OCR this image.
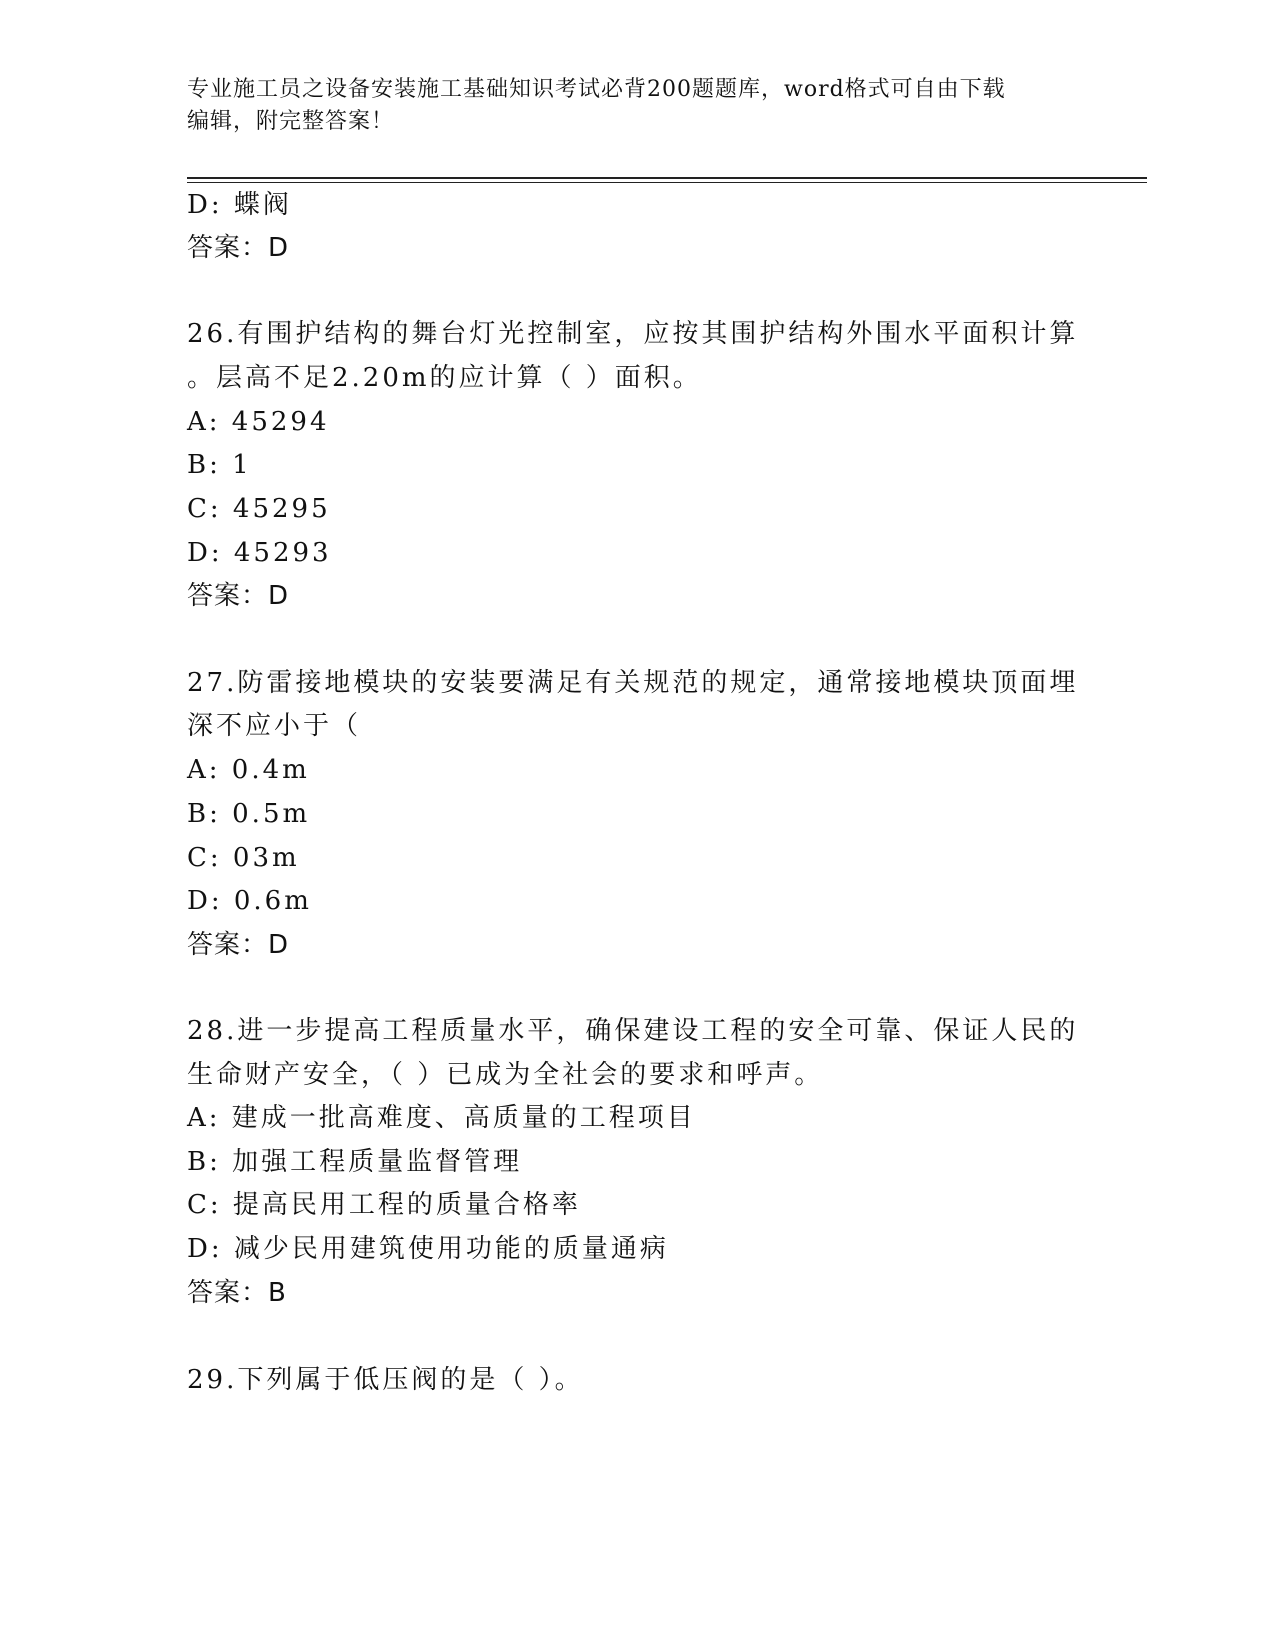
专业施工员之设备安装施工基础知识考试必背200题题库，word格式可自由下载
编辑，附完整答案！
D: 蝶阀
答案：D
26.有围护结构的舞台灯光控制室，应按其围护结构外围水平面积计算
。层高不足2.20m的应计算（ ）面积。
A: 45294
B: 1
C: 45295
D: 45293
答案：D
27.防雷接地模块的安装要满足有关规范的规定，通常接地模块顶面埋
深不应小于（
A: 0.4m
B: 0.5m
C: 03m
D: 0.6m
答案：D
28.进一步提高工程质量水平，确保建设工程的安全可靠、保证人民的
生命财产安全，（ ）已成为全社会的要求和呼声。
A: 建成一批高难度、高质量的工程项目
B: 加强工程质量监督管理
C: 提高民用工程的质量合格率
D: 减少民用建筑使用功能的质量通病
答案：B
29.下列属于低压阀的是（ ）。
